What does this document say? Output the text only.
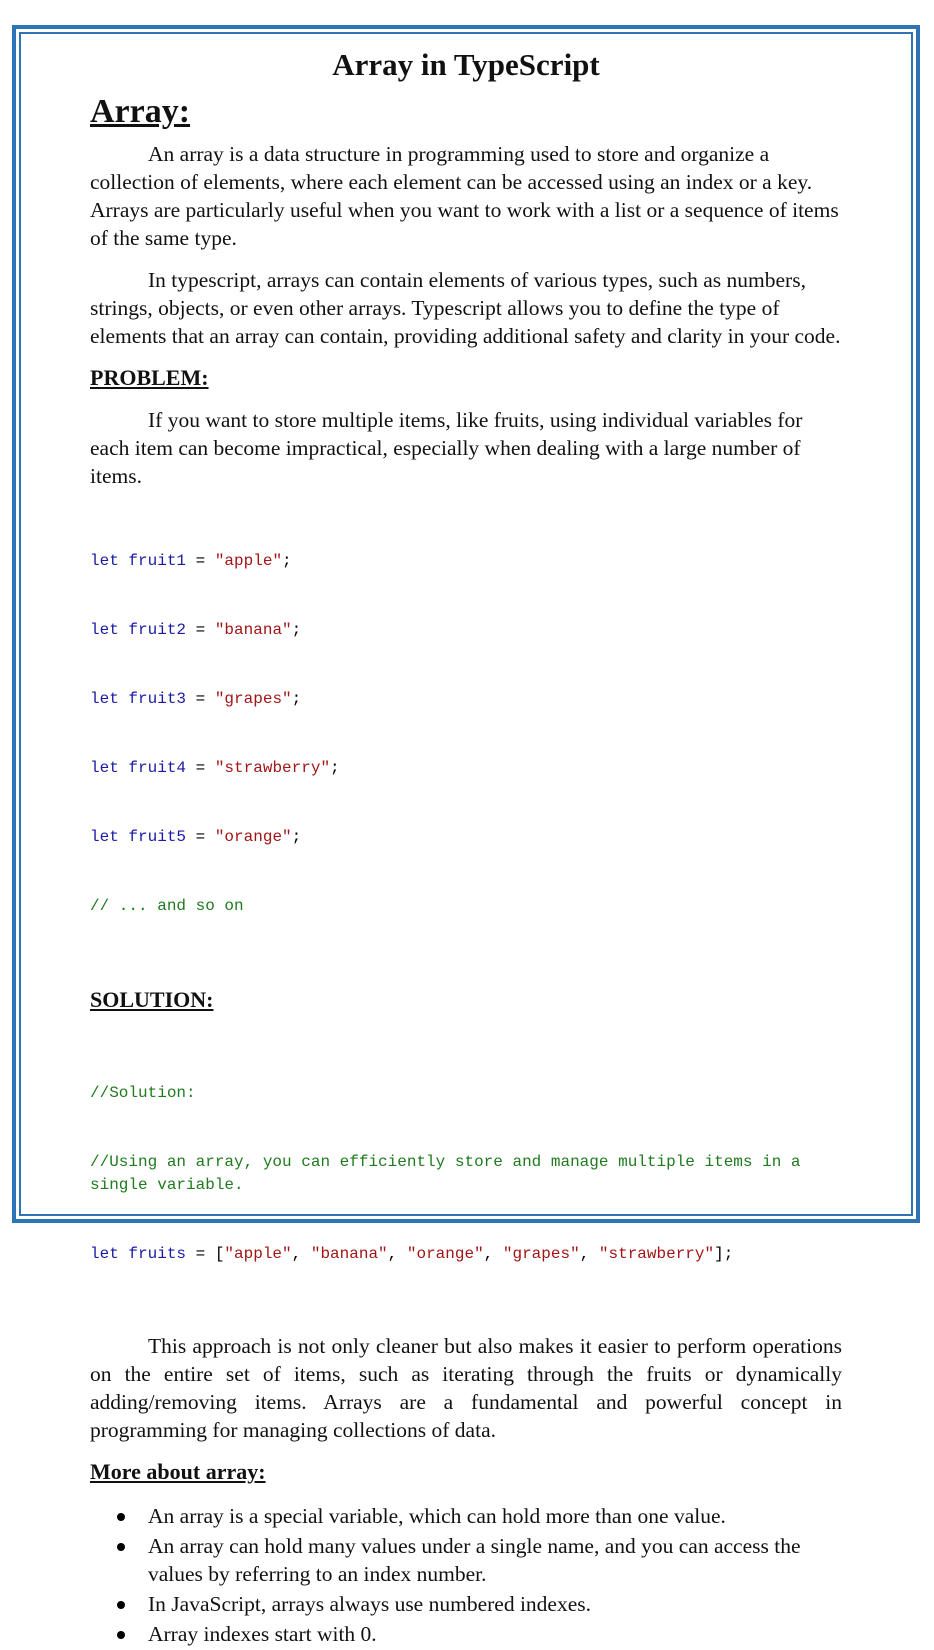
Array in TypeScript
Array:

An array is a data structure in programming used to store and organize a collection of elements, where each element can be accessed using an index or a key. Arrays are particularly useful when you want to work with a list or a sequence of items of the same type.

In typescript, arrays can contain elements of various types, such as numbers, strings, objects, or even other arrays. Typescript allows you to define the type of elements that an array can contain, providing additional safety and clarity in your code.

PROBLEM:

If you want to store multiple items, like fruits, using individual variables for each item can become impractical, especially when dealing with a large number of items.

let fruit1 = "apple";

let fruit2 = "banana";

let fruit3 = "grapes";

let fruit4 = "strawberry";

let fruit5 = "orange";

// ... and so on

SOLUTION:

//Solution:

//Using an array, you can efficiently store and manage multiple items in a single variable.

let fruits = ["apple", "banana", "orange", "grapes", "strawberry"];

This approach is not only cleaner but also makes it easier to perform operations on the entire set of items, such as iterating through the fruits or dynamically adding/removing items. Arrays are a fundamental and powerful concept in programming for managing collections of data.

More about array:
An array is a special variable, which can hold more than one value.
An array can hold many values under a single name, and you can access the values by referring to an index number.
In JavaScript, arrays always use numbered indexes.
Array indexes start with 0.
